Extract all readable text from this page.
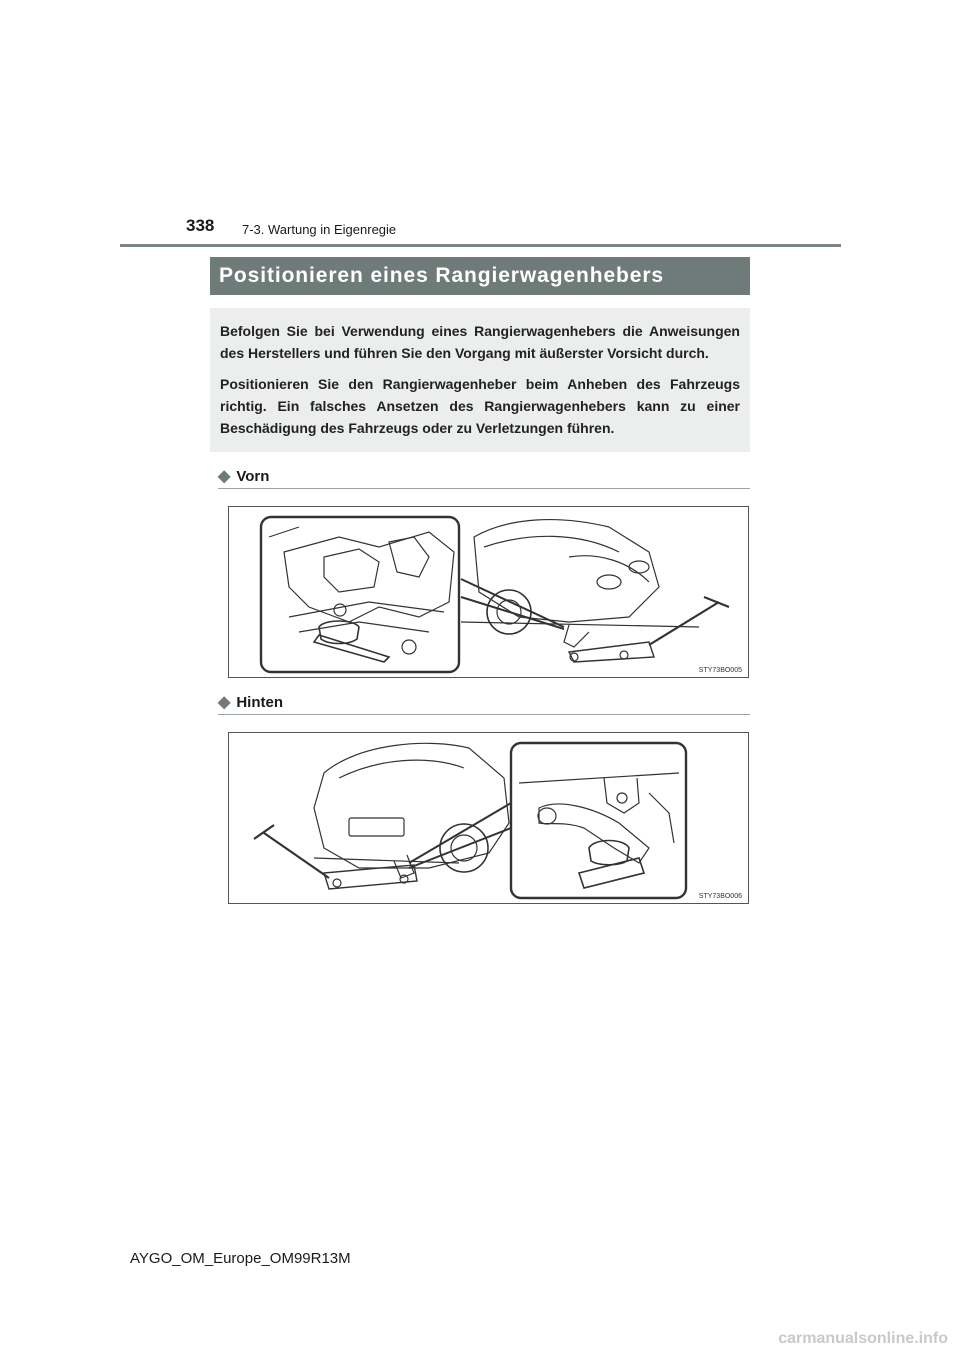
338 7-3. Wartung in Eigenregie
Positionieren eines Rangierwagenhebers

Befolgen Sie bei Verwendung eines Rangierwagenhebers die Anweisungen des Herstellers und führen Sie den Vorgang mit äußerster Vorsicht durch.

Positionieren Sie den Rangierwagenheber beim Anheben des Fahrzeugs richtig. Ein falsches Ansetzen des Rangierwagenhebers kann zu einer Beschädigung des Fahrzeugs oder zu Verletzungen führen.

◆ Vorn
STY73BO005
◆ Hinten
STY73BO006
AYGO_OM_Europe_OM99R13M
carmanualsonline.info
